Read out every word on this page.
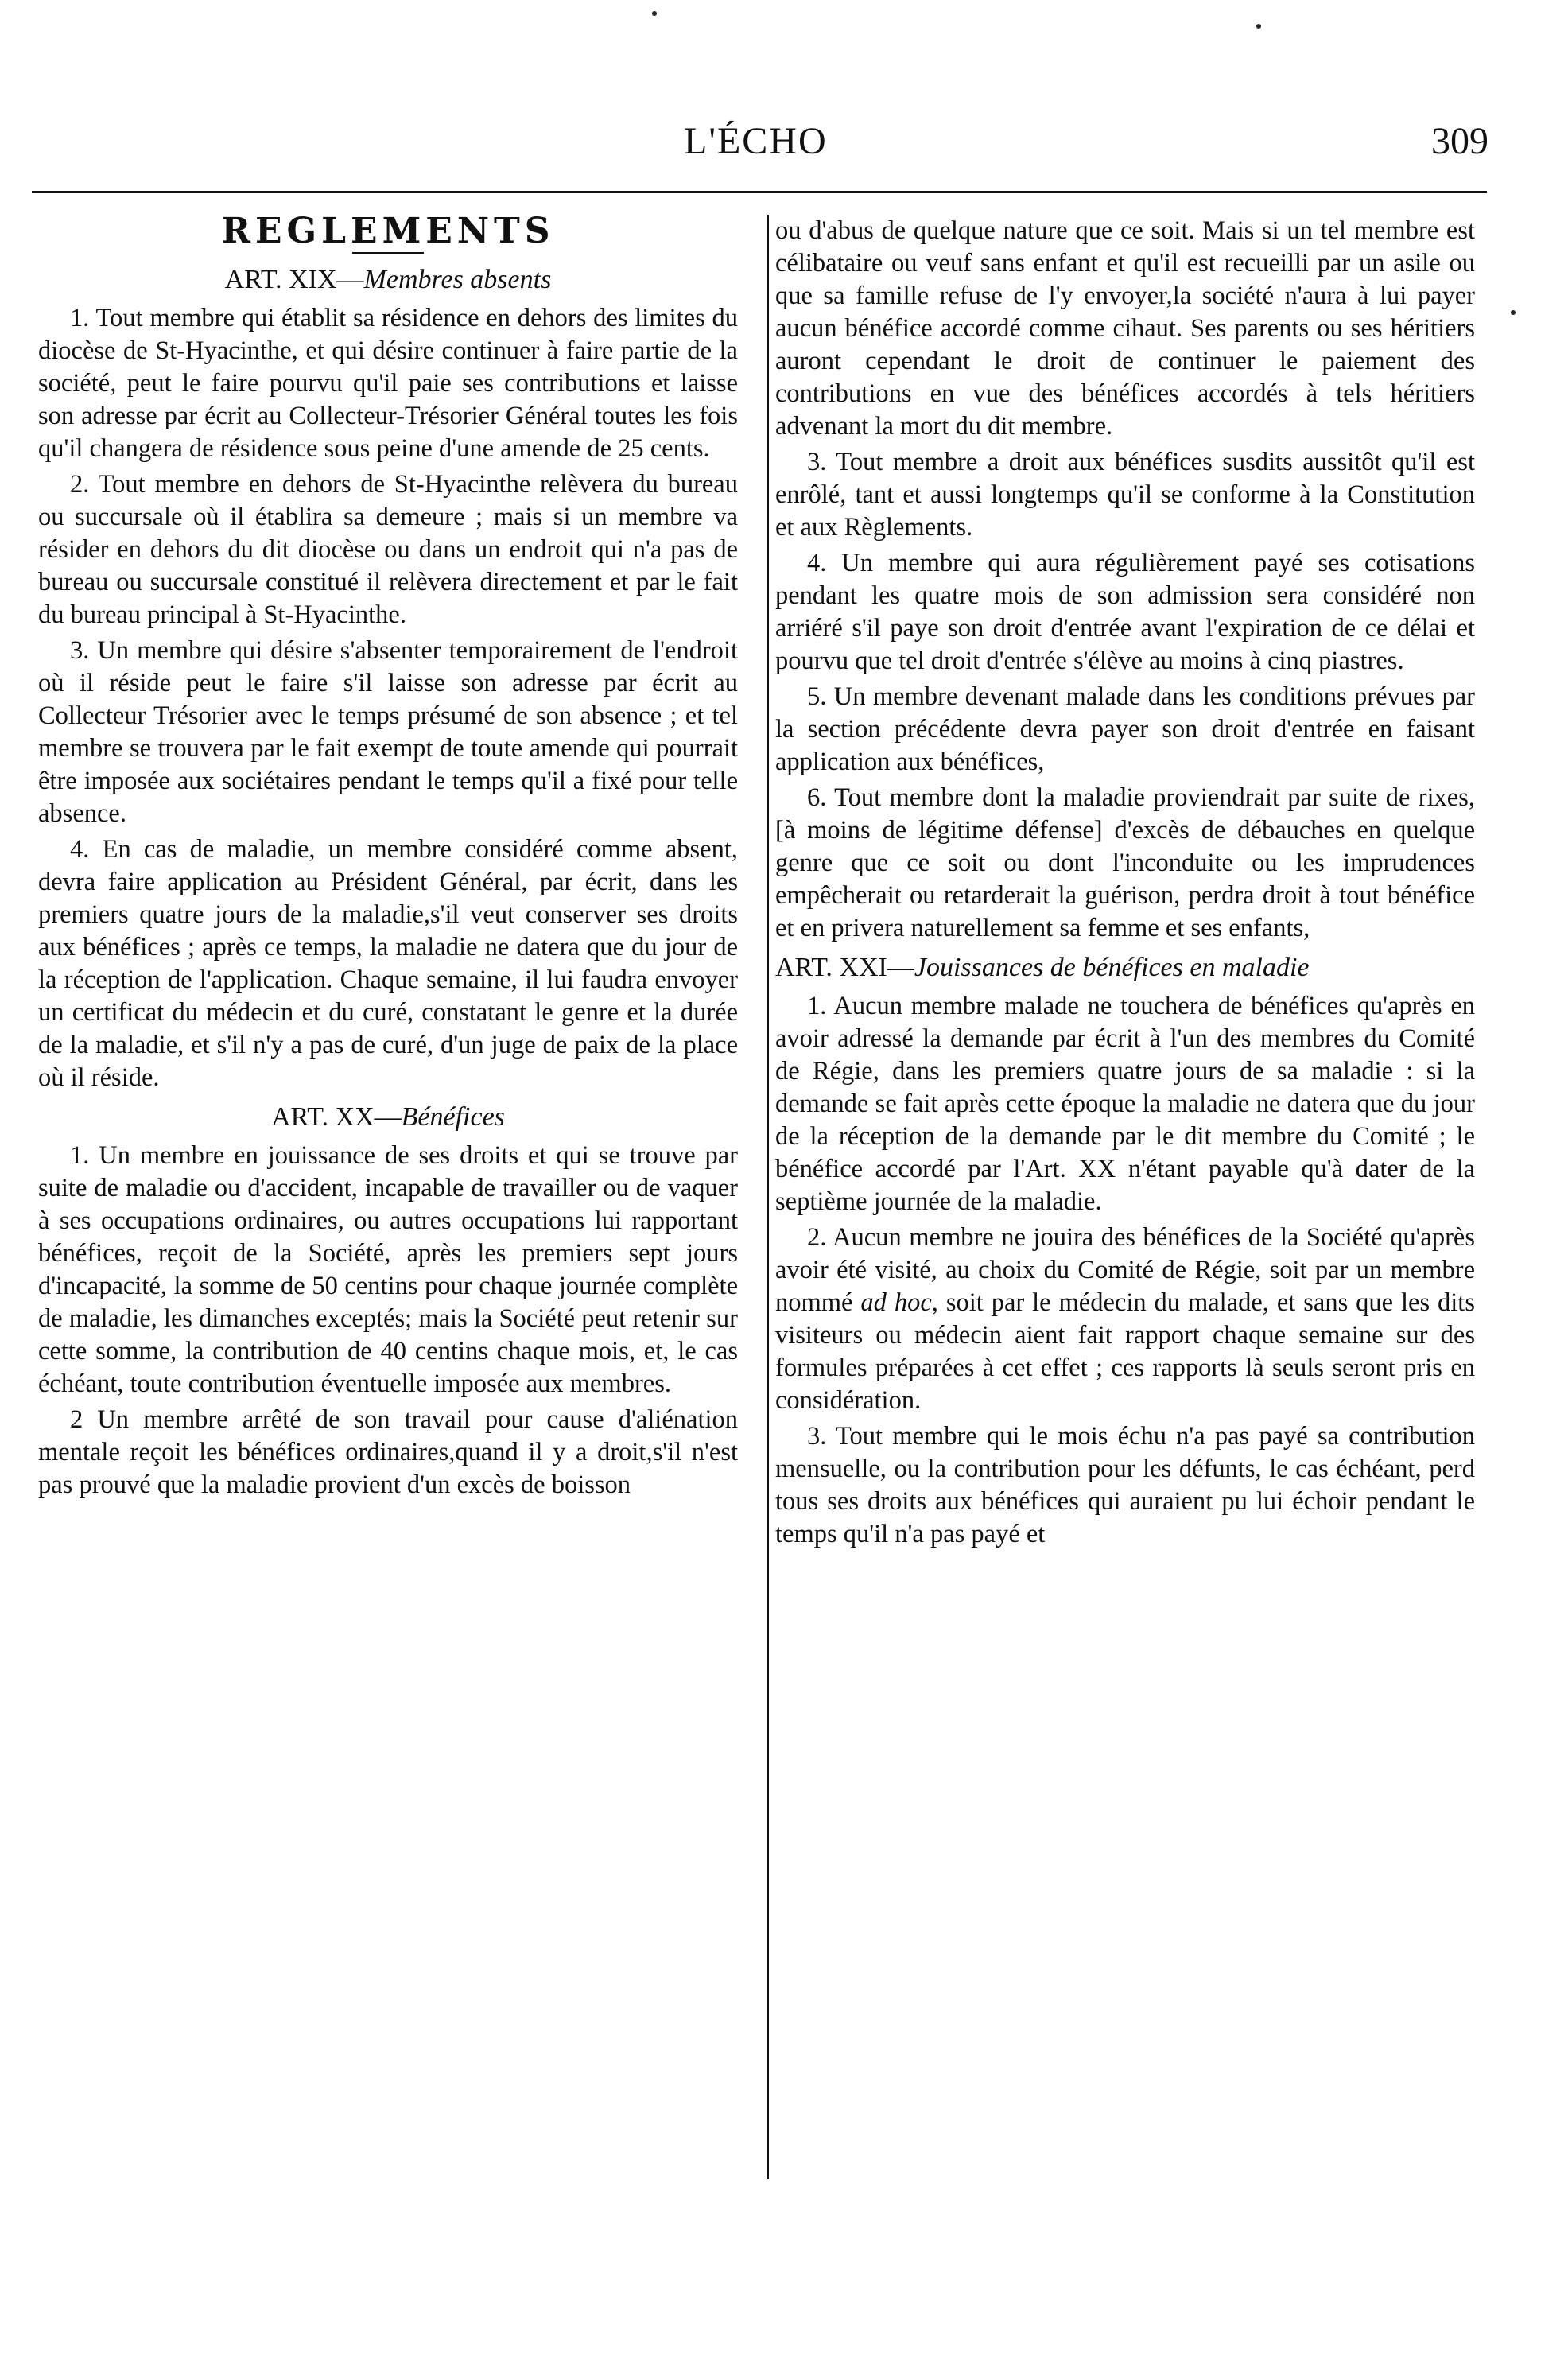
L'ÉCHO	309
REGLEMENTS
ART. XIX—Membres absents

1. Tout membre qui établit sa résidence en dehors des limites du diocèse de St-Hyacinthe, et qui désire continuer à faire partie de la société, peut le faire pourvu qu'il paie ses contributions et laisse son adresse par écrit au Collecteur-Trésorier Général toutes les fois qu'il changera de résidence sous peine d'une amende de 25 cents.

2. Tout membre en dehors de St-Hyacinthe relèvera du bureau ou succursale où il établira sa demeure ; mais si un membre va résider en dehors du dit diocèse ou dans un endroit qui n'a pas de bureau ou succursale constitué il relèvera directement et par le fait du bureau principal à St-Hyacinthe.

3. Un membre qui désire s'absenter temporairement de l'endroit où il réside peut le faire s'il laisse son adresse par écrit au Collecteur Trésorier avec le temps présumé de son absence ; et tel membre se trouvera par le fait exempt de toute amende qui pourrait être imposée aux sociétaires pendant le temps qu'il a fixé pour telle absence.

4. En cas de maladie, un membre considéré comme absent, devra faire application au Président Général, par écrit, dans les premiers quatre jours de la maladie,s'il veut conserver ses droits aux bénéfices ; après ce temps, la maladie ne datera que du jour de la réception de l'application. Chaque semaine, il lui faudra envoyer un certificat du médecin et du curé, constatant le genre et la durée de la maladie, et s'il n'y a pas de curé, d'un juge de paix de la place où il réside.

ART. XX—Bénéfices

1. Un membre en jouissance de ses droits et qui se trouve par suite de maladie ou d'accident, incapable de travailler ou de vaquer à ses occupations ordinaires, ou autres occupations lui rapportant bénéfices, reçoit de la Société, après les premiers sept jours d'incapacité, la somme de 50 centins pour chaque journée complète de maladie, les dimanches exceptés; mais la Société peut retenir sur cette somme, la contribution de 40 centins chaque mois, et, le cas échéant, toute contribution éventuelle imposée aux membres.

2 Un membre arrêté de son travail pour cause d'aliénation mentale reçoit les bénéfices ordinaires,quand il y a droit,s'il n'est pas prouvé que la maladie provient d'un excès de boisson

ou d'abus de quelque nature que ce soit. Mais si un tel membre est célibataire ou veuf sans enfant et qu'il est recueilli par un asile ou que sa famille refuse de l'y envoyer,la société n'aura à lui payer aucun bénéfice accordé comme cihaut. Ses parents ou ses héritiers auront cependant le droit de continuer le paiement des contributions en vue des bénéfices accordés à tels héritiers advenant la mort du dit membre.

3. Tout membre a droit aux bénéfices susdits aussitôt qu'il est enrôlé, tant et aussi longtemps qu'il se conforme à la Constitution et aux Règlements.

4. Un membre qui aura régulièrement payé ses cotisations pendant les quatre mois de son admission sera considéré non arriéré s'il paye son droit d'entrée avant l'expiration de ce délai et pourvu que tel droit d'entrée s'élève au moins à cinq piastres.

5. Un membre devenant malade dans les conditions prévues par la section précédente devra payer son droit d'entrée en faisant application aux bénéfices,

6. Tout membre dont la maladie proviendrait par suite de rixes, [à moins de légitime défense] d'excès de débauches en quelque genre que ce soit ou dont l'inconduite ou les imprudences empêcherait ou retarderait la guérison, perdra droit à tout bénéfice et en privera naturellement sa femme et ses enfants,

ART. XXI—Jouissances de bénéfices en maladie

1. Aucun membre malade ne touchera de bénéfices qu'après en avoir adressé la demande par écrit à l'un des membres du Comité de Régie, dans les premiers quatre jours de sa maladie : si la demande se fait après cette époque la maladie ne datera que du jour de la réception de la demande par le dit membre du Comité ; le bénéfice accordé par l'Art. XX n'étant payable qu'à dater de la septième journée de la maladie.

2. Aucun membre ne jouira des bénéfices de la Société qu'après avoir été visité, au choix du Comité de Régie, soit par un membre nommé ad hoc, soit par le médecin du malade, et sans que les dits visiteurs ou médecin aient fait rapport chaque semaine sur des formules préparées à cet effet ; ces rapports là seuls seront pris en considération.

3. Tout membre qui le mois échu n'a pas payé sa contribution mensuelle, ou la contribution pour les défunts, le cas échéant, perd tous ses droits aux bénéfices qui auraient pu lui échoir pendant le temps qu'il n'a pas payé et
